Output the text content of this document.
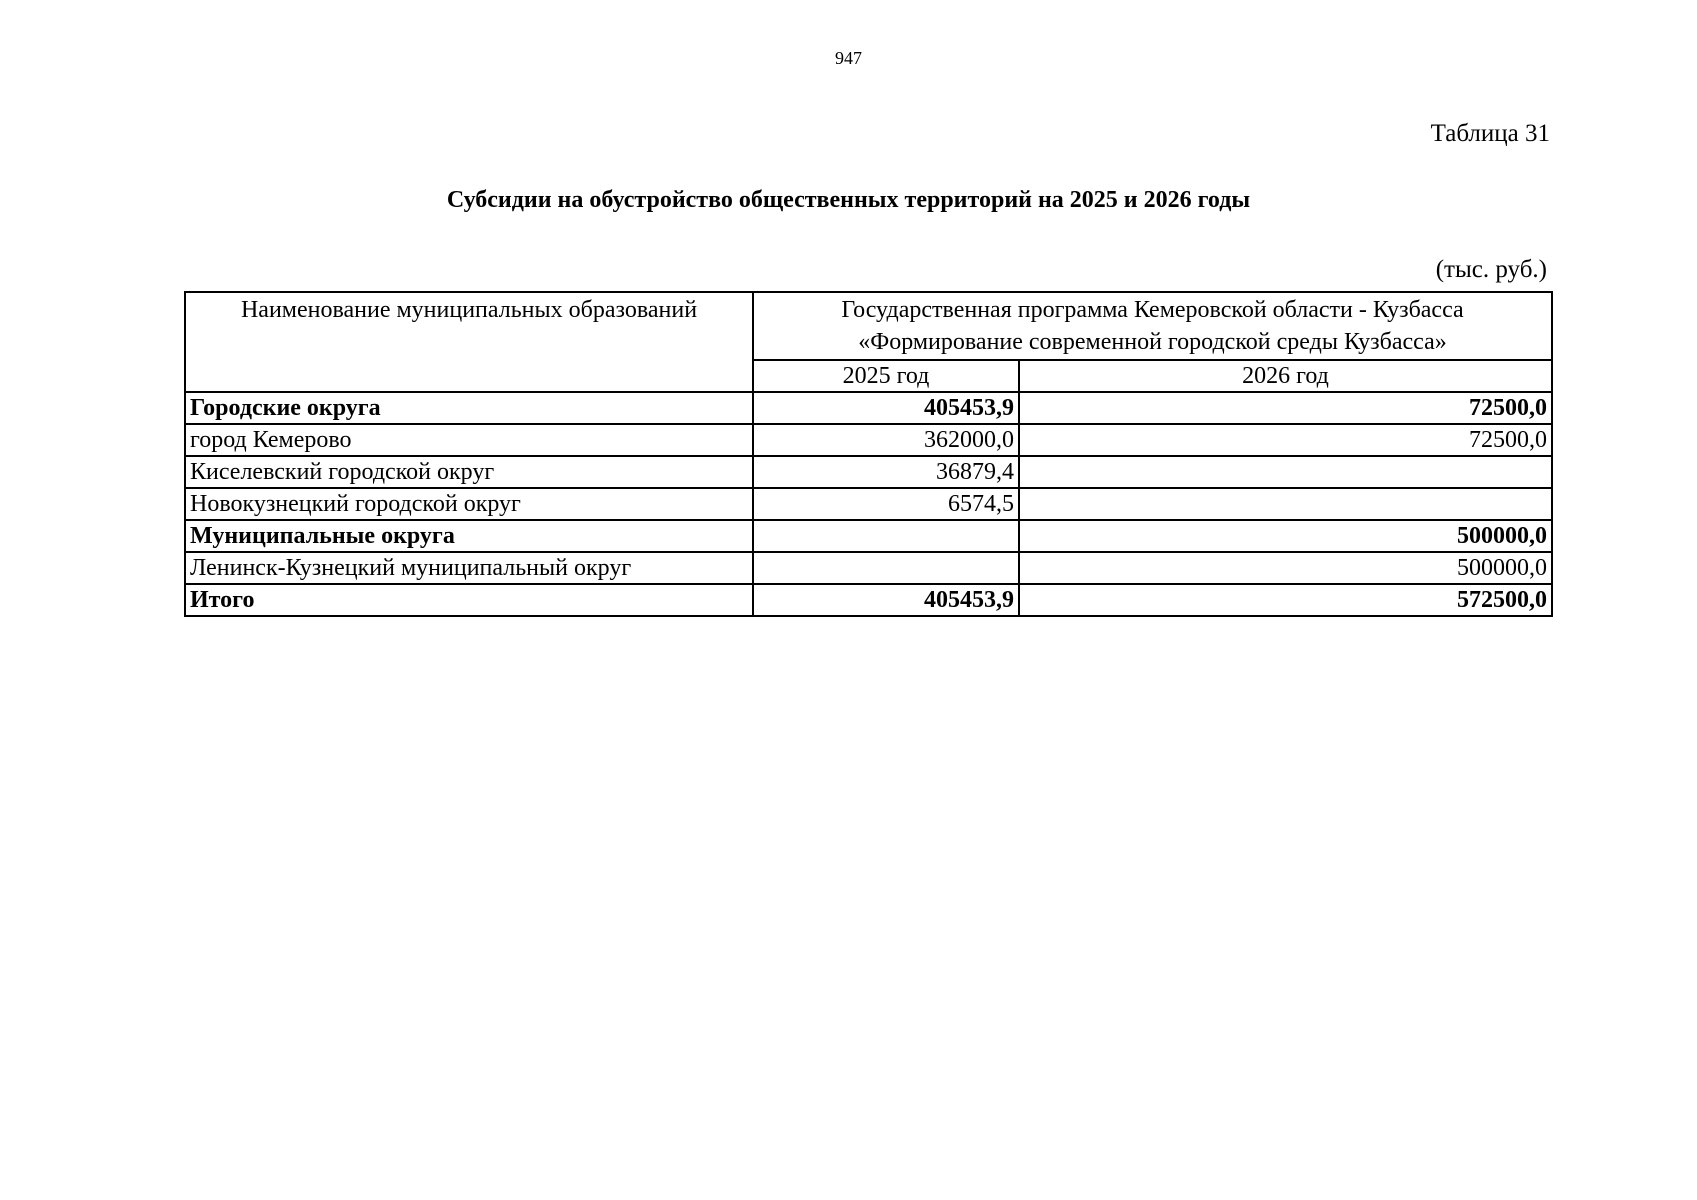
947
Таблица 31
Субсидии на обустройство общественных территорий на 2025 и 2026 годы
(тыс. руб.)
Наименование муниципальных образований	Государственная программа Кемеровской области - Кузбасса
«Формирование современной городской среды Кузбасса»	

	2025 год	2026 год
Городские округа	405453,9	72500,0
город Кемерово	362000,0	72500,0
Киселевский городской округ	36879,4	
Новокузнецкий городской округ	6574,5	
Муниципальные округа		500000,0
Ленинск-Кузнецкий муниципальный округ		500000,0
Итого	405453,9	572500,0
